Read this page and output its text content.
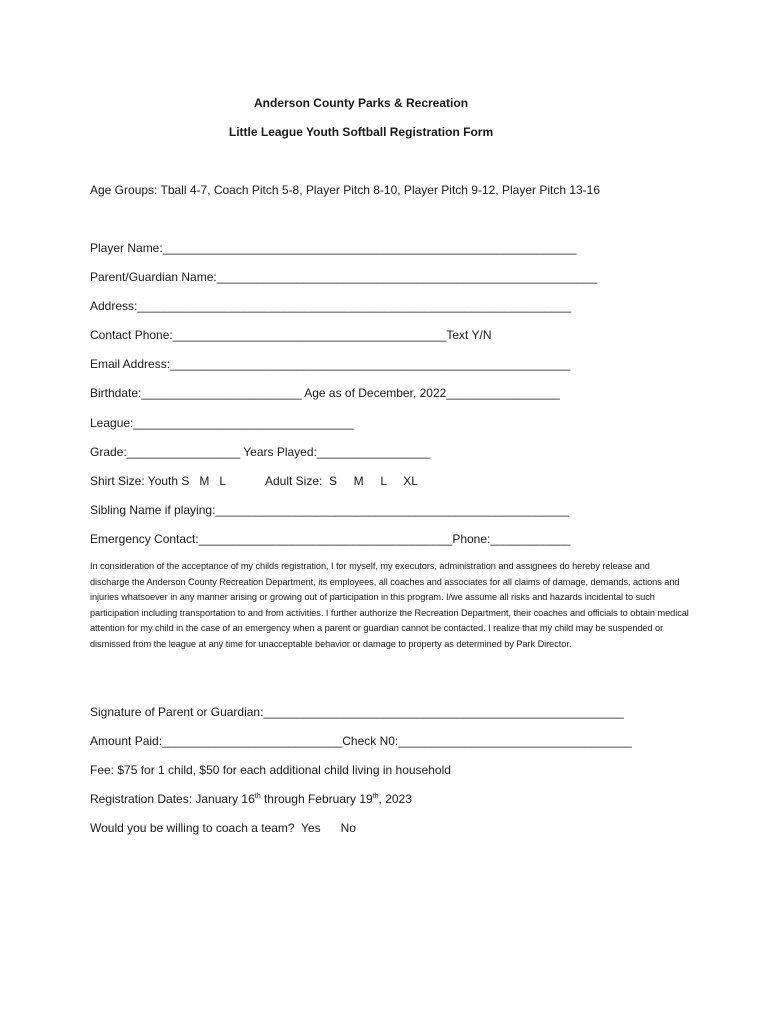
Anderson County Parks & Recreation
Little League Youth Softball Registration Form
Age Groups: Tball 4-7, Coach Pitch 5-8, Player Pitch 8-10, Player Pitch 9-12, Player Pitch 13-16
Player Name:______________________________________________________________
Parent/Guardian Name:_________________________________________________________
Address:_________________________________________________________________
Contact Phone:_________________________________________Text Y/N
Email Address:____________________________________________________________
Birthdate:________________________ Age as of December, 2022_________________
League:_________________________________
Grade:_________________ Years Played:_________________
Shirt Size: Youth S   M   L            Adult Size:  S     M     L     XL
Sibling Name if playing:_____________________________________________________
Emergency Contact:______________________________________Phone:____________
In consideration of the acceptance of my childs registration, I for myself, my executors, administration and assignees do hereby release and discharge the Anderson County Recreation Department, its employees, all coaches and associates for all claims of damage, demands, actions and injuries whatsoever in any manner arising or growing out of participation in this program. I/we assume all risks and hazards incidental to such participation including transportation to and from activities. I further authorize the Recreation Department, their coaches and officials to obtain medical attention for my child in the case of an emergency when a parent or guardian cannot be contacted. I realize that my child may be suspended or dismissed from the league at any time for unacceptable behavior or damage to property as determined by Park Director.
Signature of Parent or Guardian:______________________________________________________
Amount Paid:___________________________Check N0:___________________________________
Fee: $75 for 1 child, $50 for each additional child living in household
Registration Dates: January 16th through February 19th, 2023
Would you be willing to coach a team?  Yes      No
